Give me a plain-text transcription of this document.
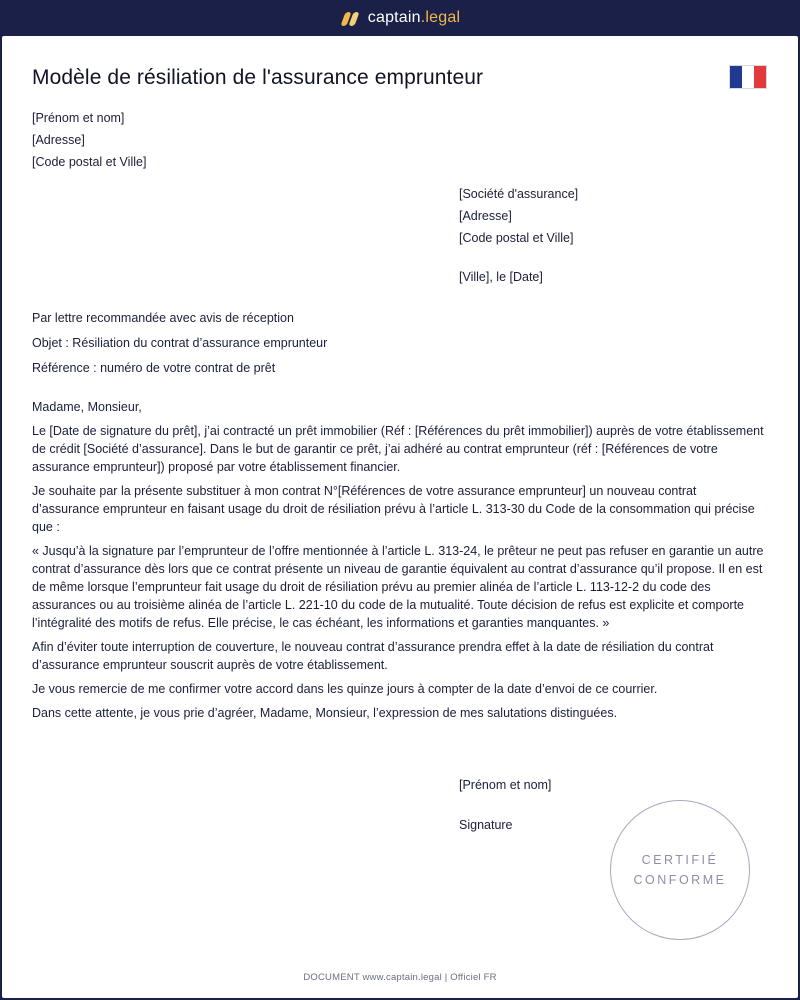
captain.legal
Modèle de résiliation de l'assurance emprunteur
[Prénom et nom]
[Adresse]
[Code postal et Ville]
[Société d'assurance]
[Adresse]
[Code postal et Ville]
[Ville], le [Date]

Par lettre recommandée avec avis de réception

Objet : Résiliation du contrat d’assurance emprunteur

Référence : numéro de votre contrat de prêt

Madame, Monsieur,

Le [Date de signature du prêt], j’ai contracté un prêt immobilier (Réf : [Références du prêt immobilier]) auprès de votre établissement de crédit [Société d’assurance]. Dans le but de garantir ce prêt, j’ai adhéré au contrat emprunteur (réf : [Références de votre assurance emprunteur]) proposé par votre établissement financier.

Je souhaite par la présente substituer à mon contrat N°[Références de votre assurance emprunteur] un nouveau contrat d’assurance emprunteur en faisant usage du droit de résiliation prévu à l’article L. 313-30 du Code de la consommation qui précise que :

« Jusqu’à la signature par l’emprunteur de l’offre mentionnée à l’article L. 313-24, le prêteur ne peut pas refuser en garantie un autre contrat d’assurance dès lors que ce contrat présente un niveau de garantie équivalent au contrat d’assurance qu’il propose. Il en est de même lorsque l’emprunteur fait usage du droit de résiliation prévu au premier alinéa de l’article L. 113-12-2 du code des assurances ou au troisième alinéa de l’article L. 221-10 du code de la mutualité. Toute décision de refus est explicite et comporte l’intégralité des motifs de refus. Elle précise, le cas échéant, les informations et garanties manquantes. »

Afin d’éviter toute interruption de couverture, le nouveau contrat d’assurance prendra effet à la date de résiliation du contrat d’assurance emprunteur souscrit auprès de votre établissement.

Je vous remercie de me confirmer votre accord dans les quinze jours à compter de la date d’envoi de ce courrier.

Dans cette attente, je vous prie d’agréer, Madame, Monsieur, l’expression de mes salutations distinguées.

[Prénom et nom]
Signature
CERTIFIÉ
CONFORME
DOCUMENT www.captain.legal | Officiel FR
